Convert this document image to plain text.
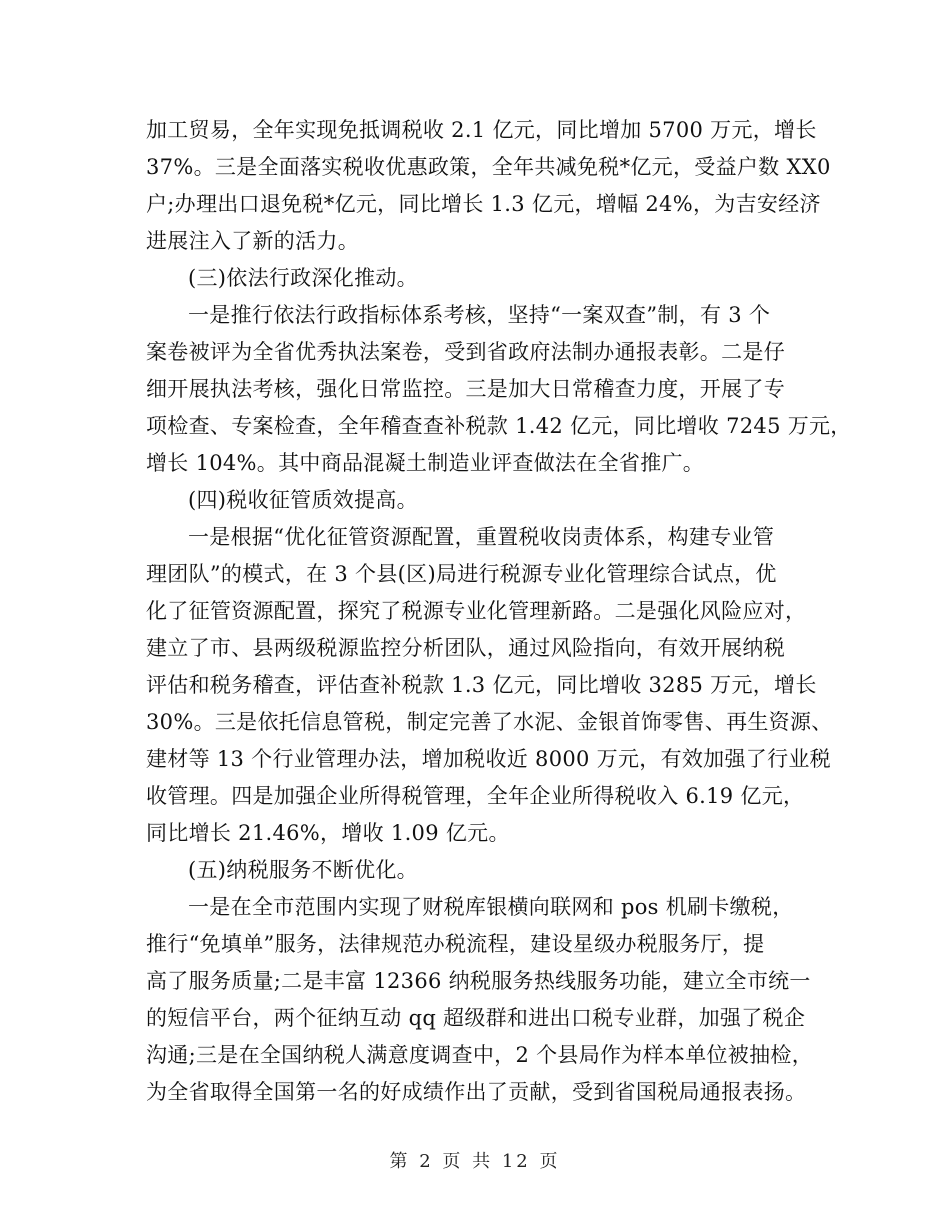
加工贸易，全年实现免抵调税收 2.1 亿元，同比增加 5700 万元，增长
37%。三是全面落实税收优惠政策，全年共减免税*亿元，受益户数 XX0
户;办理出口退免税*亿元，同比增长 1.3 亿元，增幅 24%，为吉安经济
进展注入了新的活力。
(三)依法行政深化推动。
一是推行依法行政指标体系考核，坚持“一案双查”制，有 3 个
案卷被评为全省优秀执法案卷，受到省政府法制办通报表彰。二是仔
细开展执法考核，强化日常监控。三是加大日常稽查力度，开展了专
项检查、专案检查，全年稽查查补税款 1.42 亿元，同比增收 7245 万元，
增长 104%。其中商品混凝土制造业评查做法在全省推广。
(四)税收征管质效提高。
一是根据“优化征管资源配置，重置税收岗责体系，构建专业管
理团队”的模式，在 3 个县(区)局进行税源专业化管理综合试点，优
化了征管资源配置，探究了税源专业化管理新路。二是强化风险应对，
建立了市、县两级税源监控分析团队，通过风险指向，有效开展纳税
评估和税务稽查，评估查补税款 1.3 亿元，同比增收 3285 万元，增长
30%。三是依托信息管税，制定完善了水泥、金银首饰零售、再生资源、
建材等 13 个行业管理办法，增加税收近 8000 万元，有效加强了行业税
收管理。四是加强企业所得税管理，全年企业所得税收入 6.19 亿元，
同比增长 21.46%，增收 1.09 亿元。
(五)纳税服务不断优化。
一是在全市范围内实现了财税库银横向联网和 pos 机刷卡缴税，
推行“免填单”服务，法律规范办税流程，建设星级办税服务厅，提
高了服务质量;二是丰富 12366 纳税服务热线服务功能，建立全市统一
的短信平台，两个征纳互动 qq 超级群和进出口税专业群，加强了税企
沟通;三是在全国纳税人满意度调查中，2 个县局作为样本单位被抽检，
为全省取得全国第一名的好成绩作出了贡献，受到省国税局通报表扬。
第 2 页 共 12 页
